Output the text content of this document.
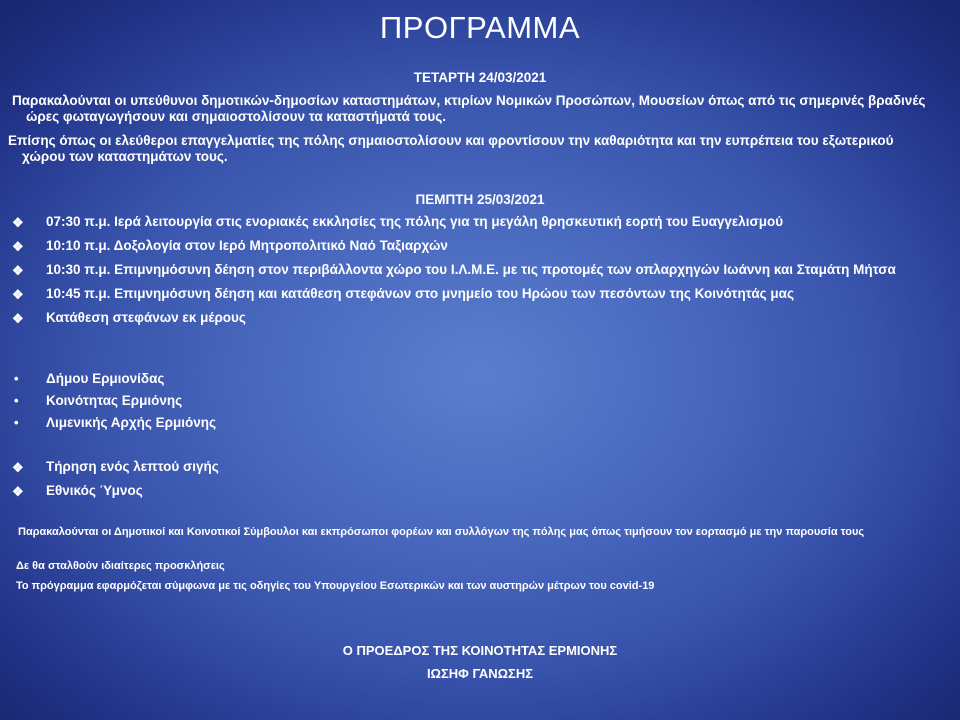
ΠΡΟΓΡΑΜΜΑ
ΤΕΤΑΡΤΗ 24/03/2021
Παρακαλούνται οι υπεύθυνοι δημοτικών-δημοσίων καταστημάτων, κτιρίων Νομικών Προσώπων, Μουσείων όπως από τις σημερινές βραδινές ώρες φωταγωγήσουν και σημαιοστολίσουν τα καταστήματά τους.
Επίσης όπως οι ελεύθεροι επαγγελματίες της πόλης σημαιοστολίσουν και φροντίσουν την καθαριότητα και την ευπρέπεια του εξωτερικού χώρου των καταστημάτων τους.
ΠΕΜΠΤΗ 25/03/2021
❖ 07:30 π.μ. Ιερά λειτουργία στις ενοριακές εκκλησίες της πόλης για τη μεγάλη θρησκευτική εορτή του Ευαγγελισμού
❖ 10:10 π.μ. Δοξολογία στον Ιερό Μητροπολιτικό Ναό Ταξιαρχών
❖ 10:30 π.μ. Επιμνημόσυνη δέηση στον περιβάλλοντα χώρο του Ι.Λ.Μ.Ε. με τις προτομές των οπλαρχηγών Ιωάννη και Σταμάτη Μήτσα
❖ 10:45 π.μ. Επιμνημόσυνη δέηση και κατάθεση στεφάνων στο μνημείο του Ηρώου των πεσόντων της Κοινότητάς μας
❖ Κατάθεση στεφάνων εκ μέρους
• Δήμου Ερμιονίδας
• Κοινότητας Ερμιόνης
• Λιμενικής Αρχής Ερμιόνης
❖ Τήρηση ενός λεπτού σιγής
❖ Εθνικός Ύμνος
Παρακαλούνται οι Δημοτικοί και Κοινοτικοί Σύμβουλοι και εκπρόσωποι φορέων και συλλόγων της πόλης μας όπως τιμήσουν τον εορτασμό με την παρουσία τους
Δε θα σταλθούν ιδιαίτερες προσκλήσεις
Το πρόγραμμα εφαρμόζεται σύμφωνα με τις οδηγίες του Υπουργείου Εσωτερικών και των αυστηρών μέτρων του covid-19
Ο ΠΡΟΕΔΡΟΣ ΤΗΣ ΚΟΙΝΟΤΗΤΑΣ ΕΡΜΙΟΝΗΣ
ΙΩΣΗΦ ΓΑΝΩΣΗΣ
